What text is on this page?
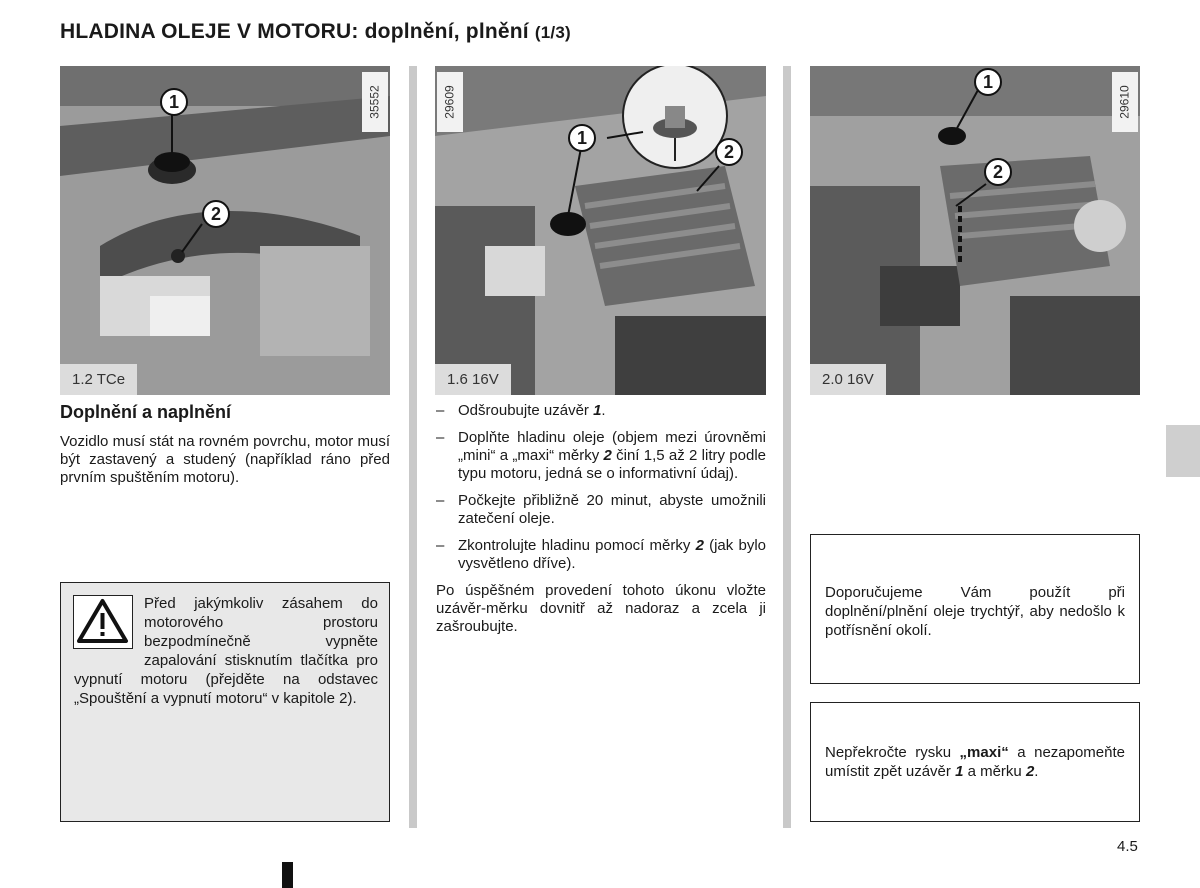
HLADINA OLEJE V MOTORU: doplnění, plnění (1/3)
1
2
35552
1.2 TCe
1
2
29609
1.6 16V
1
2
29610
2.0 16V
Doplnění a naplnění
Vozidlo musí stát na rovném povrchu, motor musí být zastavený a studený (například ráno před prvním spuštěním motoru).
Před jakýmkoliv zásahem do motorového prostoru bezpodmínečně vypněte zapalování stisknutím tlačítka pro vypnutí motoru (přejděte na odstavec „Spouštění a vypnutí motoru“ v kapitole 2).
– Odšroubujte uzávěr 1.
– Doplňte hladinu oleje (objem mezi úrovněmi „mini“ a „maxi“ měrky 2 činí 1,5 až 2 litry podle typu motoru, jedná se o informativní údaj).
– Počkejte přibližně 20 minut, abyste umožnili zatečení oleje.
– Zkontrolujte hladinu pomocí měrky 2 (jak bylo vysvětleno dříve).
Po úspěšném provedení tohoto úkonu vložte uzávěr-měrku dovnitř až nadoraz a zcela ji zašroubujte.
Doporučujeme Vám použít při doplnění/plnění oleje trychtýř, aby nedošlo k potřísnění okolí.
Nepřekročte rysku „maxi“ a nezapomeňte umístit zpět uzávěr 1 a měrku 2.
4.5
